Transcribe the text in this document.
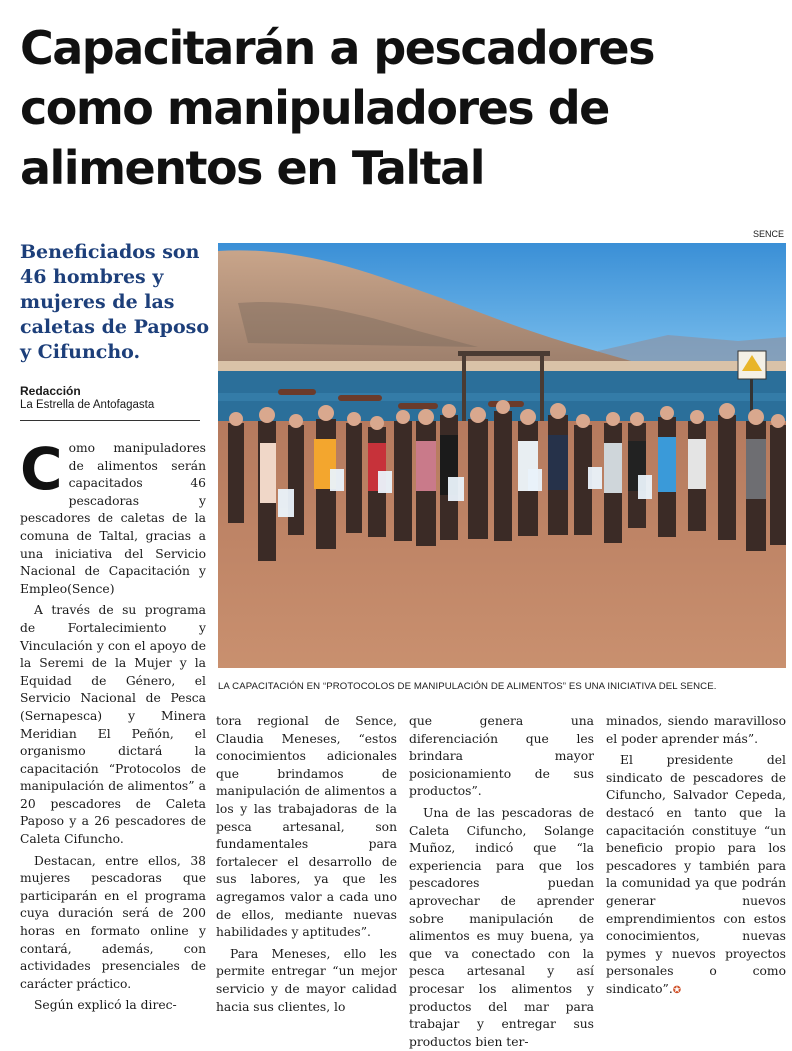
Capacitarán a pescadores
como manipuladores de
alimentos en Taltal
Beneficiados son 46 hombres y mujeres de las caletas de Paposo y Cifuncho.
Redacción
La Estrella de Antofagasta
SENCE
LA CAPACITACIÓN EN “PROTOCOLOS DE MANIPULACIÓN DE ALIMENTOS” ES UNA INICIATIVA DEL SENCE.
C omo manipuladores de alimentos serán capacitados 46 pescadoras y pescadores de caletas de la comuna de Taltal, gracias a una iniciativa del Servicio Nacional de Capacitación y Empleo(Sence)

A través de su programa de Fortalecimiento y Vinculación y con el apoyo de la Seremi de la Mujer y la Equidad de Género, el Servicio Nacional de Pesca (Sernapesca) y Minera Meridian El Peñón, el organismo dictará la capacitación “Protocolos de manipulación de alimentos” a 20 pescadores de Caleta Paposo y a 26 pescadores de Caleta Cifuncho.

Destacan, entre ellos, 38 mujeres pescadoras que participarán en el programa cuya duración será de 200 horas en formato online y contará, además, con actividades presenciales de carácter práctico.

Según explicó la direc-

tora regional de Sence, Claudia Meneses, “estos conocimientos adicionales que brindamos de manipulación de alimentos a los y las trabajadoras de la pesca artesanal, son fundamentales para fortalecer el desarrollo de sus labores, ya que les agregamos valor a cada uno de ellos, mediante nuevas habilidades y aptitudes”.

Para Meneses, ello les permite entregar “un mejor servicio y de mayor calidad hacia sus clientes, lo

que genera una diferenciación que les brindara mayor posicionamiento de sus productos”.

Una de las pescadoras de Caleta Cifuncho, Solange Muñoz, indicó que “la experiencia para que los pescadores puedan aprovechar de aprender sobre manipulación de alimentos es muy buena, ya que va conectado con la pesca artesanal y así procesar los alimentos y productos del mar para trabajar y entregar sus productos bien ter-

minados, siendo maravilloso el poder aprender más”.

El presidente del sindicato de pescadores de Cifuncho, Salvador Cepeda, destacó en tanto que la capacitación constituye “un beneficio propio para los pescadores y también para la comunidad ya que podrán generar nuevos emprendimientos con estos conocimientos, nuevas pymes y nuevos proyectos personales o como sindicato”.✪
